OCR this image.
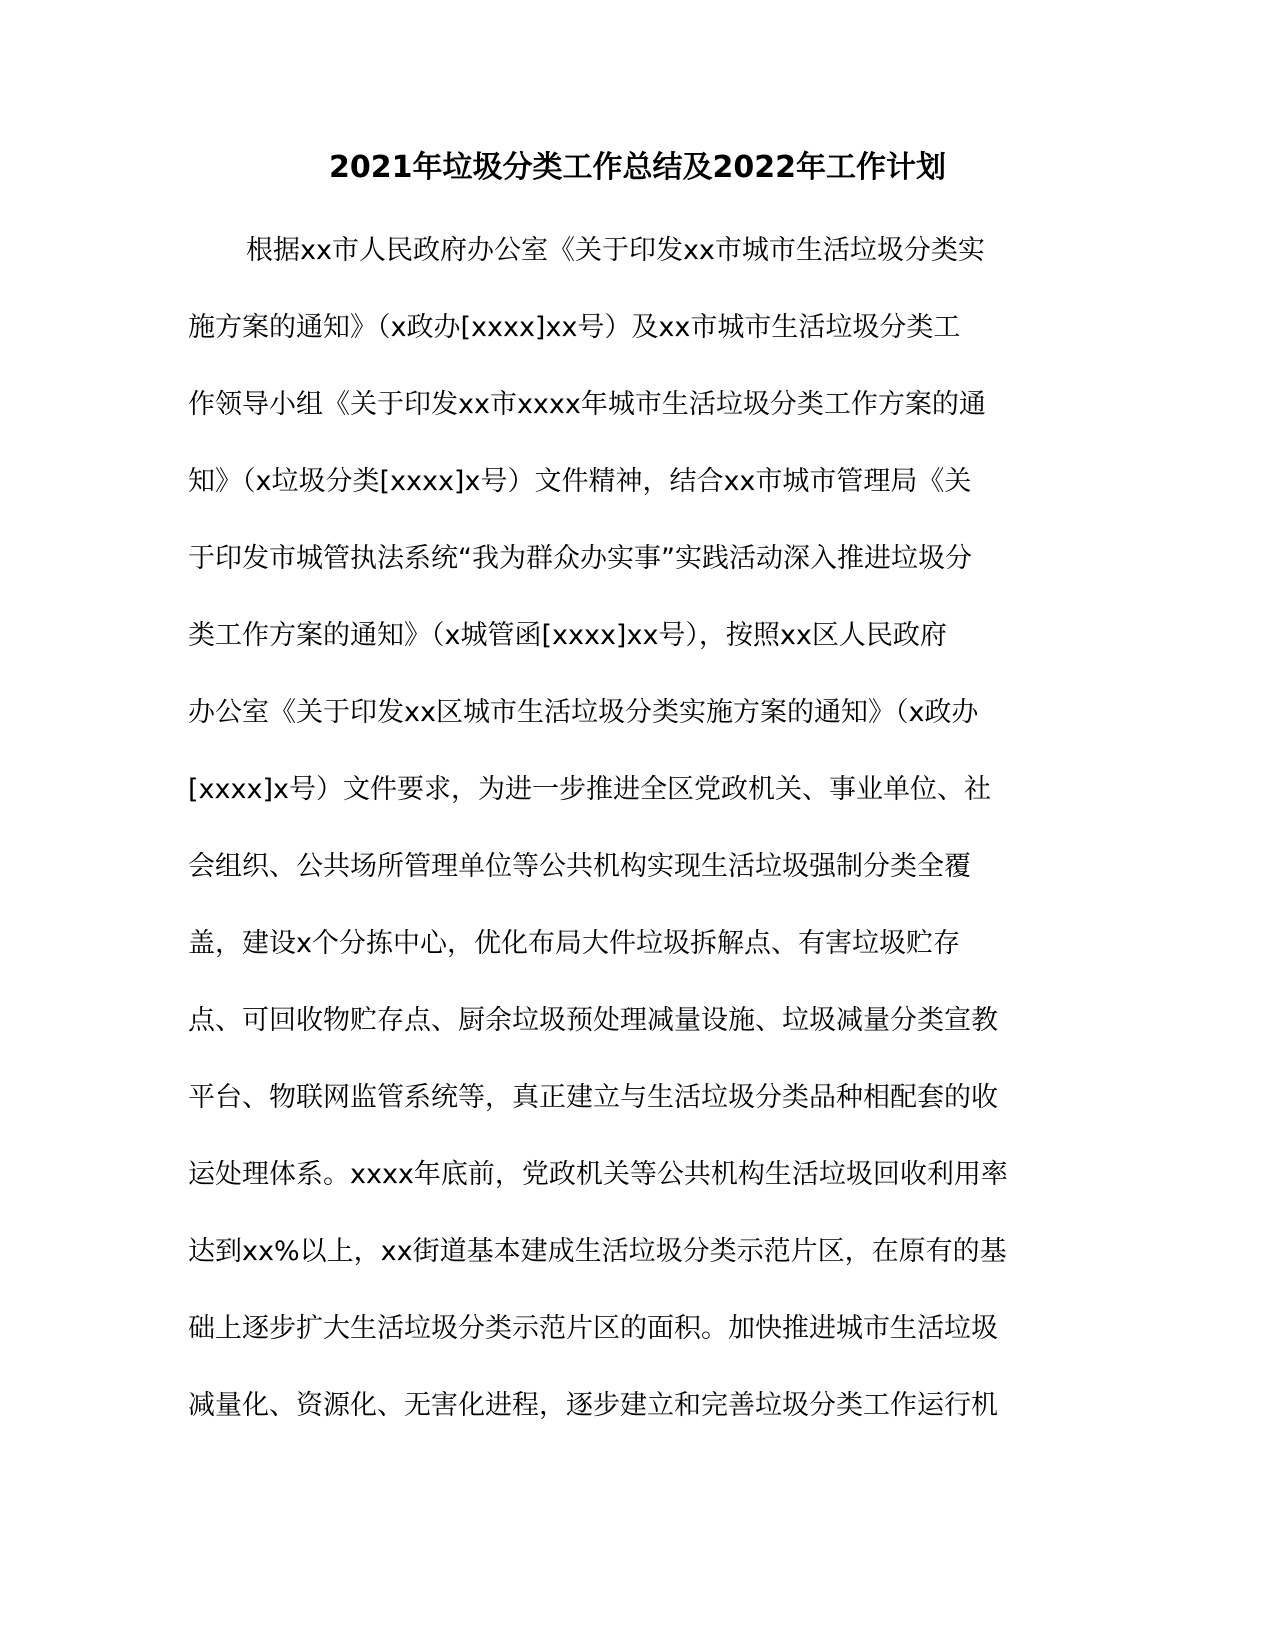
2021年垃圾分类工作总结及2022年工作计划
根据xx市人民政府办公室《关于印发xx市城市生活垃圾分类实
施方案的通知》（x政办[xxxx]xx号）及xx市城市生活垃圾分类工
作领导小组《关于印发xx市xxxx年城市生活垃圾分类工作方案的通
知》（x垃圾分类[xxxx]x号）文件精神，结合xx市城市管理局《关
于印发市城管执法系统“我为群众办实事”实践活动深入推进垃圾分
类工作方案的通知》（x城管函[xxxx]xx号），按照xx区人民政府
办公室《关于印发xx区城市生活垃圾分类实施方案的通知》（x政办
[xxxx]x号）文件要求，为进一步推进全区党政机关、事业单位、社
会组织、公共场所管理单位等公共机构实现生活垃圾强制分类全覆
盖，建设x个分拣中心，优化布局大件垃圾拆解点、有害垃圾贮存
点、可回收物贮存点、厨余垃圾预处理减量设施、垃圾减量分类宣教
平台、物联网监管系统等，真正建立与生活垃圾分类品种相配套的收
运处理体系。xxxx年底前，党政机关等公共机构生活垃圾回收利用率
达到xx%以上，xx街道基本建成生活垃圾分类示范片区，在原有的基
础上逐步扩大生活垃圾分类示范片区的面积。加快推进城市生活垃圾
减量化、资源化、无害化进程，逐步建立和完善垃圾分类工作运行机
